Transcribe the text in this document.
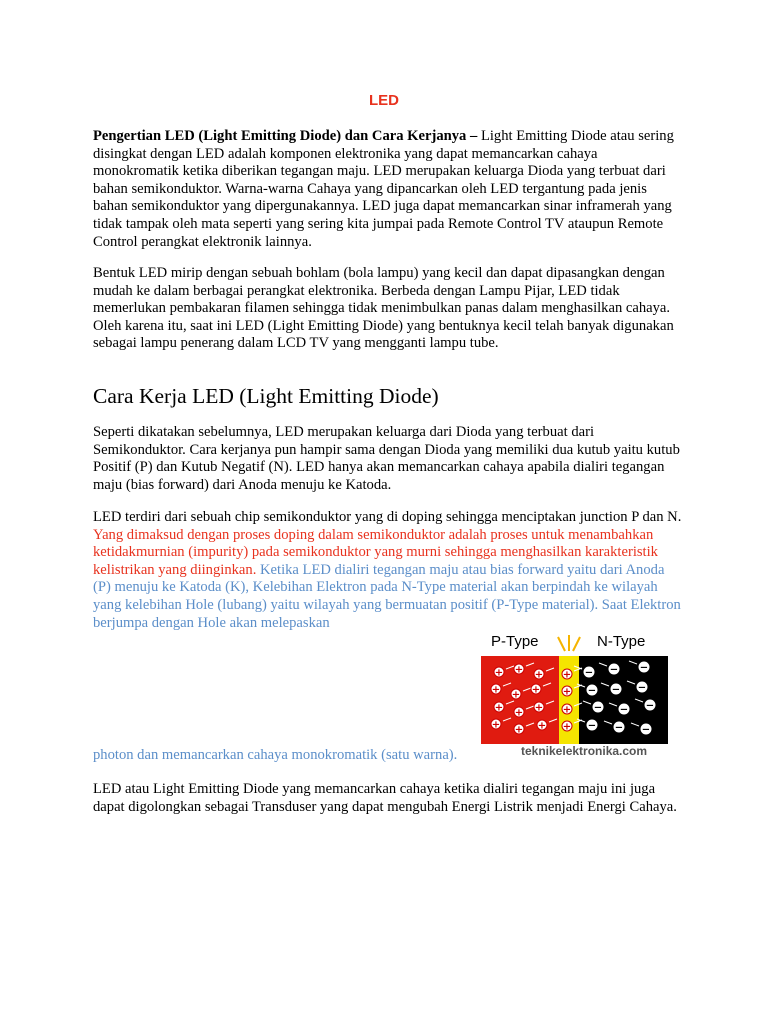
LED

Pengertian LED (Light Emitting Diode) dan Cara Kerjanya – Light Emitting Diode atau sering disingkat dengan LED adalah komponen elektronika yang dapat memancarkan cahaya monokromatik ketika diberikan tegangan maju. LED merupakan keluarga Dioda yang terbuat dari bahan semikonduktor. Warna-warna Cahaya yang dipancarkan oleh LED tergantung pada jenis bahan semikonduktor yang dipergunakannya. LED juga dapat memancarkan sinar inframerah yang tidak tampak oleh mata seperti yang sering kita jumpai pada Remote Control TV ataupun Remote Control perangkat elektronik lainnya.

Bentuk LED mirip dengan sebuah bohlam (bola lampu) yang kecil dan dapat dipasangkan dengan mudah ke dalam berbagai perangkat elektronika. Berbeda dengan Lampu Pijar, LED tidak memerlukan pembakaran filamen sehingga tidak menimbulkan panas dalam menghasilkan cahaya. Oleh karena itu, saat ini LED (Light Emitting Diode) yang bentuknya kecil telah banyak digunakan sebagai lampu penerang dalam LCD TV yang mengganti lampu tube.

Cara Kerja LED (Light Emitting Diode)

Seperti dikatakan sebelumnya, LED merupakan keluarga dari Dioda yang terbuat dari Semikonduktor. Cara kerjanya pun hampir sama dengan Dioda yang memiliki dua kutub yaitu kutub Positif (P) dan Kutub Negatif (N). LED hanya akan memancarkan cahaya apabila dialiri tegangan maju (bias forward) dari Anoda menuju ke Katoda.

LED terdiri dari sebuah chip semikonduktor yang di doping sehingga menciptakan junction P dan N. Yang dimaksud dengan proses doping dalam semikonduktor adalah proses untuk menambahkan ketidakmurnian (impurity) pada semikonduktor yang murni sehingga menghasilkan karakteristik kelistrikan yang diinginkan. Ketika LED dialiri tegangan maju atau bias forward yaitu dari Anoda (P) menuju ke Katoda (K), Kelebihan Elektron pada N-Type material akan berpindah ke wilayah yang kelebihan Hole (lubang) yaitu wilayah yang bermuatan positif (P-Type material). Saat Elektron berjumpa dengan Hole akan melepaskan

+ + +
+ + +
+ + +
+ + +
+
+
+
+
− − −
− − −
− − −
− − −
P-Type	N-Type
teknikelektronika.com

photon dan memancarkan cahaya monokromatik (satu warna).

LED atau Light Emitting Diode yang memancarkan cahaya ketika dialiri tegangan maju ini juga dapat digolongkan sebagai Transduser yang dapat mengubah Energi Listrik menjadi Energi Cahaya.
